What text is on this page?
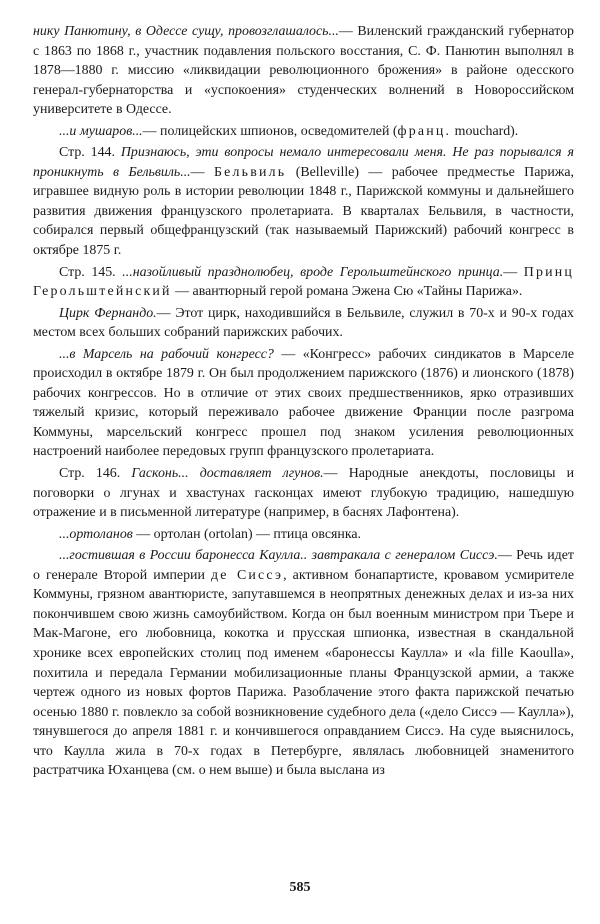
нику Панютину, в Одессе сущу, провозглашалось...— Виленский гражданский губернатор с 1863 по 1868 г., участник подавления польского восстания, С. Ф. Панютин выполнял в 1878—1880 г. миссию «ликвидации революционного брожения» в районе одесского генерал-губернаторства и «успокоения» студенческих волнений в Новороссийском университете в Одессе.

...и мушаров...— полицейских шпионов, осведомителей (франц. mouchard).

Стр. 144. Признаюсь, эти вопросы немало интересовали меня. Не раз порывался я проникнуть в Бельвиль...— Бельвиль (Belleville) — рабочее предместье Парижа, игравшее видную роль в истории революции 1848 г., Парижской коммуны и дальнейшего развития движения французского пролетариата. В кварталах Бельвиля, в частности, собирался первый общефранцузский (так называемый Парижский) рабочий конгресс в октябре 1875 г.

Стр. 145. ...назойливый празднолюбец, вроде Герольштейнского принца.— Принц Герольштейнский — авантюрный герой романа Эжена Сю «Тайны Парижа».

Цирк Фернандо.— Этот цирк, находившийся в Бельвиле, служил в 70-х и 90-х годах местом всех больших собраний парижских рабочих.

...в Марсель на рабочий конгресс? — «Конгресс» рабочих синдикатов в Марселе происходил в октябре 1879 г. Он был продолжением парижского (1876) и лионского (1878) рабочих конгрессов. Но в отличие от этих своих предшественников, ярко отразивших тяжелый кризис, который переживало рабочее движение Франции после разгрома Коммуны, марсельский конгресс прошел под знаком усиления революционных настроений наиболее передовых групп французского пролетариата.

Стр. 146. Гасконь... доставляет лгунов.— Народные анекдоты, пословицы и поговорки о лгунах и хвастунах гасконцах имеют глубокую традицию, нашедшую отражение и в письменной литературе (например, в баснях Лафонтена).

...ортоланов — ортолан (ortolan) — птица овсянка.

...гостившая в России баронесса Каулла.. завтракала с генералом Сиссэ.— Речь идет о генерале Второй империи де Сиссэ, активном бонапартисте, кровавом усмирителе Коммуны, грязном авантюристе, запутавшемся в неопрятных денежных делах и из-за них покончившем свою жизнь самоубийством. Когда он был военным министром при Тьере и Мак-Магоне, его любовница, кокотка и прусская шпионка, известная в скандальной хронике всех европейских столиц под именем «баронессы Каулла» и «la fille Kaoulla», похитила и передала Германии мобилизационные планы Французской армии, а также чертеж одного из новых фортов Парижа. Разоблачение этого факта парижской печатью осенью 1880 г. повлекло за собой возникновение судебного дела («дело Сиссэ — Каулла»), тянувшегося до апреля 1881 г. и кончившегося оправданием Сиссэ. На суде выяснилось, что Каулла жила в 70-х годах в Петербурге, являлась любовницей знаменитого растратчика Юханцева (см. о нем выше) и была выслана из

585
